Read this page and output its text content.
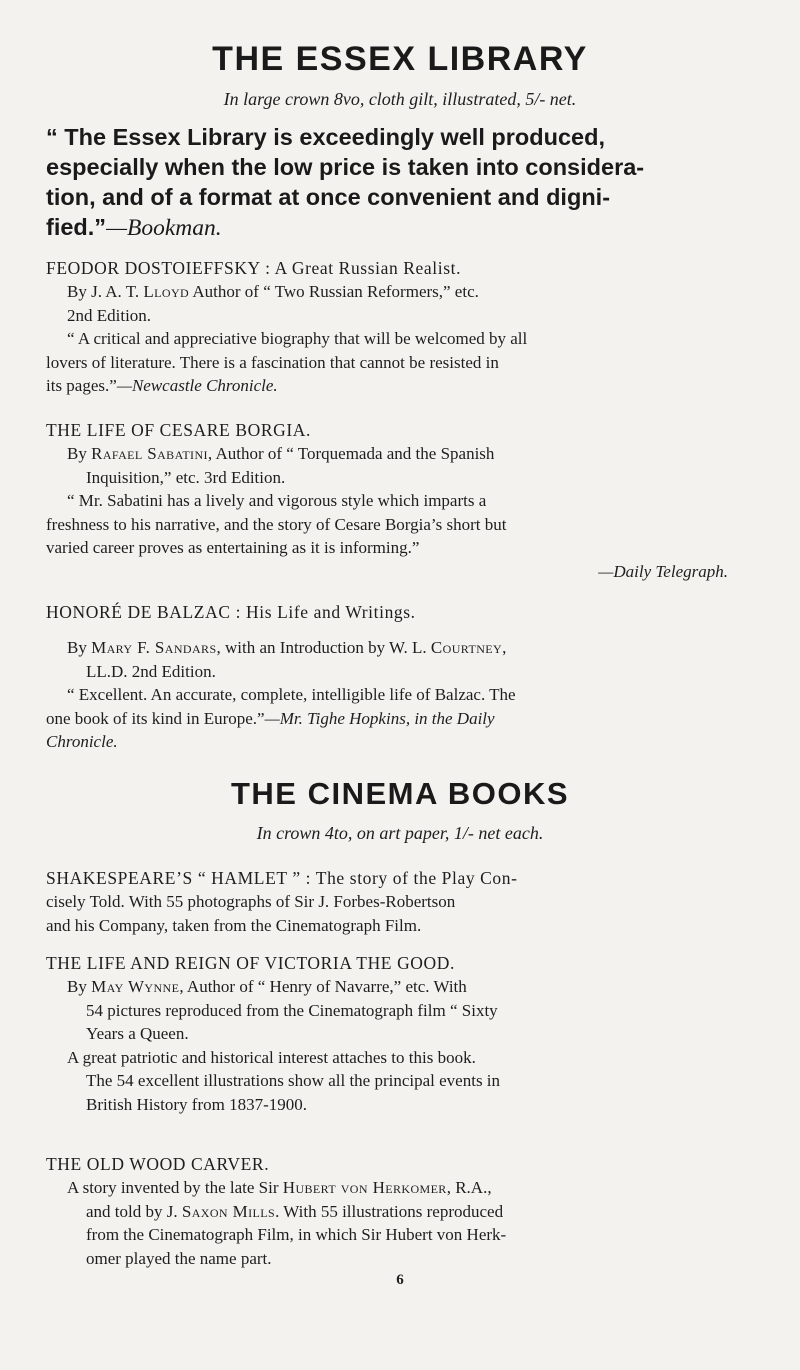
THE ESSEX LIBRARY
In large crown 8vo, cloth gilt, illustrated, 5/- net.
“ The Essex Library is exceedingly well produced,
especially when the low price is taken into considera-
tion, and of a format at once convenient and digni-
fied.”—Bookman.
FEODOR DOSTOIEFFSKY : A Great Russian Realist.
By J. A. T. Lloyd Author of “ Two Russian Reformers,” etc.
2nd Edition.
“ A critical and appreciative biography that will be welcomed by all
lovers of literature. There is a fascination that cannot be resisted in
its pages.”—Newcastle Chronicle.
THE LIFE OF CESARE BORGIA.
By Rafael Sabatini, Author of “ Torquemada and the Spanish
Inquisition,” etc. 3rd Edition.
“ Mr. Sabatini has a lively and vigorous style which imparts a
freshness to his narrative, and the story of Cesare Borgia’s short but
varied career proves as entertaining as it is informing.”
—Daily Telegraph.
HONORÉ DE BALZAC : His Life and Writings.
By Mary F. Sandars, with an Introduction by W. L. Courtney,
LL.D. 2nd Edition.
“ Excellent. An accurate, complete, intelligible life of Balzac. The
one book of its kind in Europe.”—Mr. Tighe Hopkins, in the Daily
Chronicle.
THE CINEMA BOOKS
In crown 4to, on art paper, 1/- net each.
SHAKESPEARE’S “ HAMLET ” : The story of the Play Con-
cisely Told. With 55 photographs of Sir J. Forbes-Robertson
and his Company, taken from the Cinematograph Film.
THE LIFE AND REIGN OF VICTORIA THE GOOD.
By May Wynne, Author of “ Henry of Navarre,” etc. With
54 pictures reproduced from the Cinematograph film “ Sixty
Years a Queen.
A great patriotic and historical interest attaches to this book.
The 54 excellent illustrations show all the principal events in
British History from 1837-1900.
THE OLD WOOD CARVER.
A story invented by the late Sir Hubert von Herkomer, R.A.,
and told by J. Saxon Mills. With 55 illustrations reproduced
from the Cinematograph Film, in which Sir Hubert von Herk-
omer played the name part.
6
